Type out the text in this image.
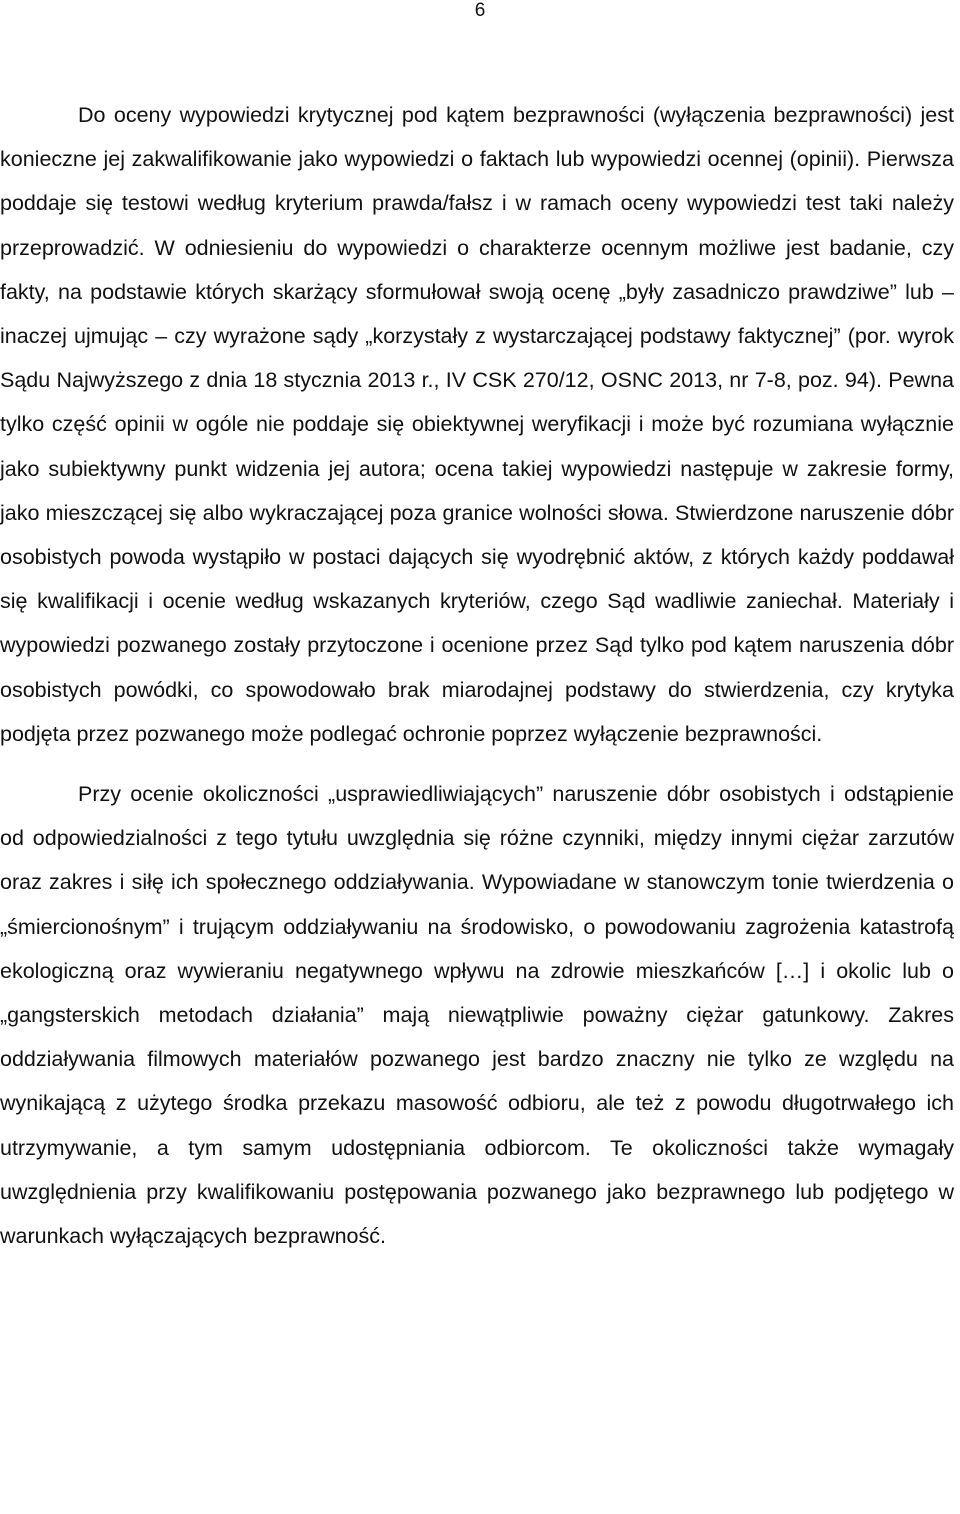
6

Do oceny wypowiedzi krytycznej pod kątem bezprawności (wyłączenia bezprawności) jest konieczne jej zakwalifikowanie jako wypowiedzi o faktach lub wypowiedzi ocennej (opinii). Pierwsza poddaje się testowi według kryterium prawda/fałsz i w ramach oceny wypowiedzi test taki należy przeprowadzić. W odniesieniu do wypowiedzi o charakterze ocennym możliwe jest badanie, czy fakty, na podstawie których skarżący sformułował swoją ocenę „były zasadniczo prawdziwe” lub – inaczej ujmując – czy wyrażone sądy „korzystały z wystarczającej podstawy faktycznej” (por. wyrok Sądu Najwyższego z dnia 18 stycznia 2013 r., IV CSK 270/12, OSNC 2013, nr 7-8, poz. 94). Pewna tylko część opinii w ogóle nie poddaje się obiektywnej weryfikacji i może być rozumiana wyłącznie jako subiektywny punkt widzenia jej autora; ocena takiej wypowiedzi następuje w zakresie formy, jako mieszczącej się albo wykraczającej poza granice wolności słowa. Stwierdzone naruszenie dóbr osobistych powoda wystąpiło w postaci dających się wyodrębnić aktów, z których każdy poddawał się kwalifikacji i ocenie według wskazanych kryteriów, czego Sąd wadliwie zaniechał. Materiały i wypowiedzi pozwanego zostały przytoczone i ocenione przez Sąd tylko pod kątem naruszenia dóbr osobistych powódki, co spowodowało brak miarodajnej podstawy do stwierdzenia, czy krytyka podjęta przez pozwanego może podlegać ochronie poprzez wyłączenie bezprawności.

Przy ocenie okoliczności „usprawiedliwiających” naruszenie dóbr osobistych i odstąpienie od odpowiedzialności z tego tytułu uwzględnia się różne czynniki, między innymi ciężar zarzutów oraz zakres i siłę ich społecznego oddziaływania. Wypowiadane w stanowczym tonie twierdzenia o „śmiercionośnym” i trującym oddziaływaniu na środowisko, o powodowaniu zagrożenia katastrofą ekologiczną oraz wywieraniu negatywnego wpływu na zdrowie mieszkańców […] i okolic lub o „gangsterskich metodach działania” mają niewątpliwie poważny ciężar gatunkowy. Zakres oddziaływania filmowych materiałów pozwanego jest bardzo znaczny nie tylko ze względu na wynikającą z użytego środka przekazu masowość odbioru, ale też z powodu długotrwałego ich utrzymywanie, a tym samym udostępniania odbiorcom. Te okoliczności także wymagały uwzględnienia przy kwalifikowaniu postępowania pozwanego jako bezprawnego lub podjętego w warunkach wyłączających bezprawność.
